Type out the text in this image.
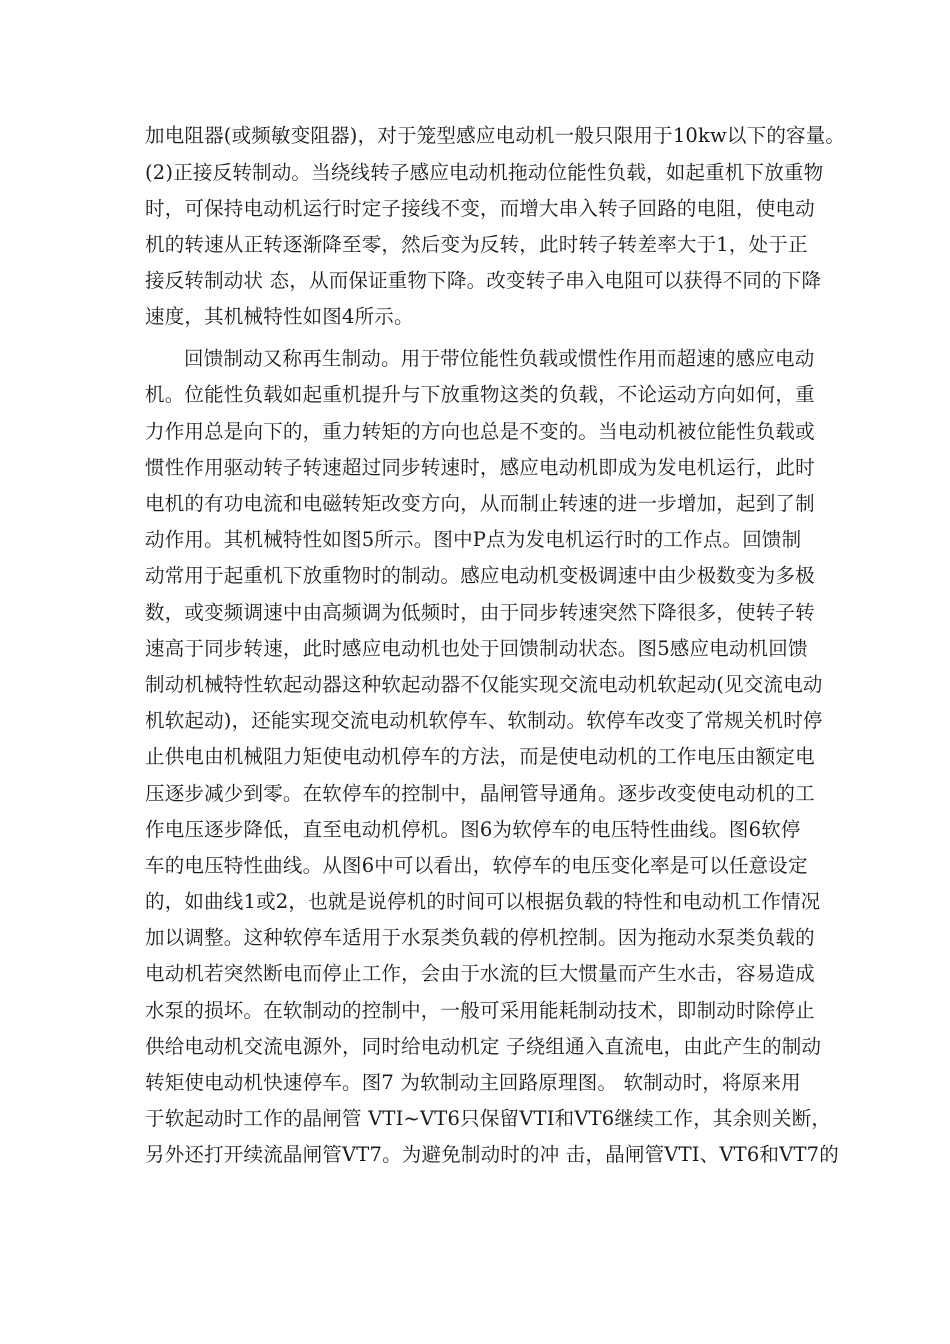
加电阻器(或频敏变阻器)，对于笼型感应电动机一般只限用于10kw以下的容量。
(2)正接反转制动。当绕线转子感应电动机拖动位能性负载，如起重机下放重物
时，可保持电动机运行时定子接线不变，而增大串入转子回路的电阻，使电动
机的转速从正转逐渐降至零，然后变为反转，此时转子转差率大于1，处于正
接反转制动状 态，从而保证重物下降。改变转子串入电阻可以获得不同的下降
速度，其机械特性如图4所示。
回馈制动又称再生制动。用于带位能性负载或惯性作用而超速的感应电动
机。位能性负载如起重机提升与下放重物这类的负载，不论运动方向如何，重
力作用总是向下的，重力转矩的方向也总是不变的。当电动机被位能性负载或
惯性作用驱动转子转速超过同步转速时，感应电动机即成为发电机运行，此时
电机的有功电流和电磁转矩改变方向，从而制止转速的进一步增加，起到了制
动作用。其机械特性如图5所示。图中P点为发电机运行时的工作点。回馈制
动常用于起重机下放重物时的制动。感应电动机变极调速中由少极数变为多极
数，或变频调速中由高频调为低频时，由于同步转速突然下降很多，使转子转
速高于同步转速，此时感应电动机也处于回馈制动状态。图5感应电动机回馈
制动机械特性软起动器这种软起动器不仅能实现交流电动机软起动(见交流电动
机软起动)，还能实现交流电动机软停车、软制动。软停车改变了常规关机时停
止供电由机械阻力矩使电动机停车的方法，而是使电动机的工作电压由额定电
压逐步减少到零。在软停车的控制中，晶闸管导通角。逐步改变使电动机的工
作电压逐步降低，直至电动机停机。图6为软停车的电压特性曲线。图6软停
车的电压特性曲线。从图6中可以看出，软停车的电压变化率是可以任意设定
的，如曲线1或2，也就是说停机的时间可以根据负载的特性和电动机工作情况
加以调整。这种软停车适用于水泵类负载的停机控制。因为拖动水泵类负载的
电动机若突然断电而停止工作，会由于水流的巨大惯量而产生水击，容易造成
水泵的损坏。在软制动的控制中，一般可采用能耗制动技术，即制动时除停止
供给电动机交流电源外，同时给电动机定 子绕组通入直流电，由此产生的制动
转矩使电动机快速停车。图7 为软制动主回路原理图。 软制动时，将原来用
于软起动时工作的晶闸管 VTI~VT6只保留VTI和VT6继续工作，其余则关断，
另外还打开续流晶闸管VT7。为避免制动时的冲 击，晶闸管VTI、VT6和VT7的
